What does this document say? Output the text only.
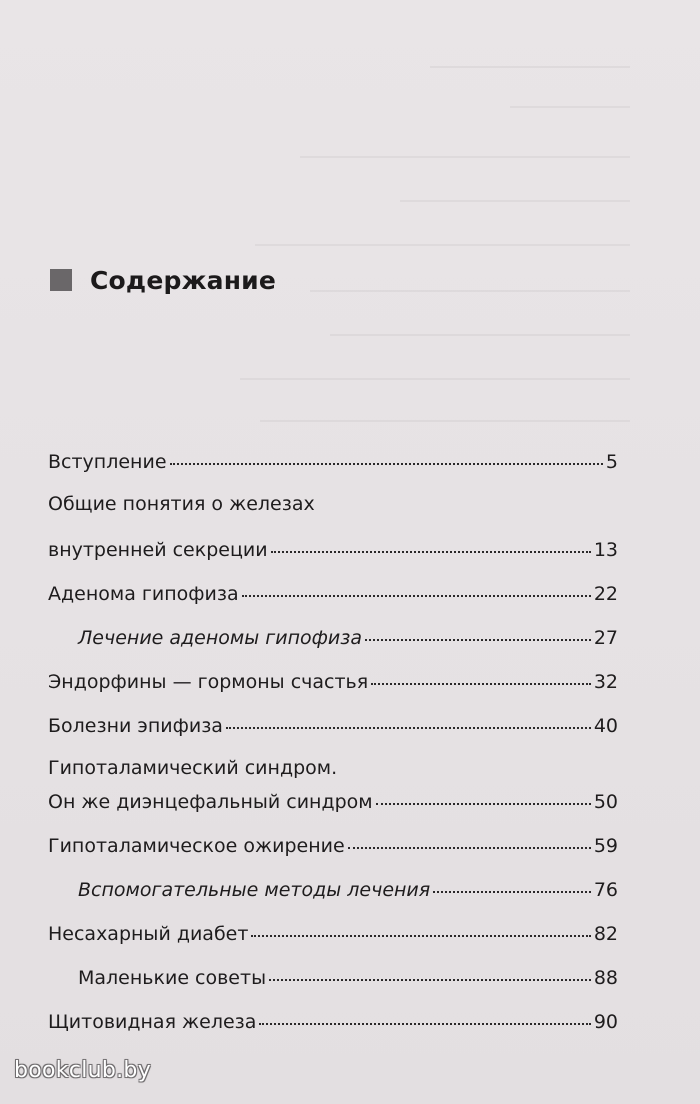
Содержание
Вступление	5
Общие понятия о железах
внутренней секреции	13
Аденома гипофиза	22
Лечение аденомы гипофиза	27
Эндорфины — гормоны счастья	32
Болезни эпифиза	40
Гипоталамический синдром.
Он же диэнцефальный синдром	50
Гипоталамическое ожирение	59
Вспомогательные методы лечения	76
Несахарный диабет	82
Маленькие советы	88
Щитовидная железа	90
bookclub.by
